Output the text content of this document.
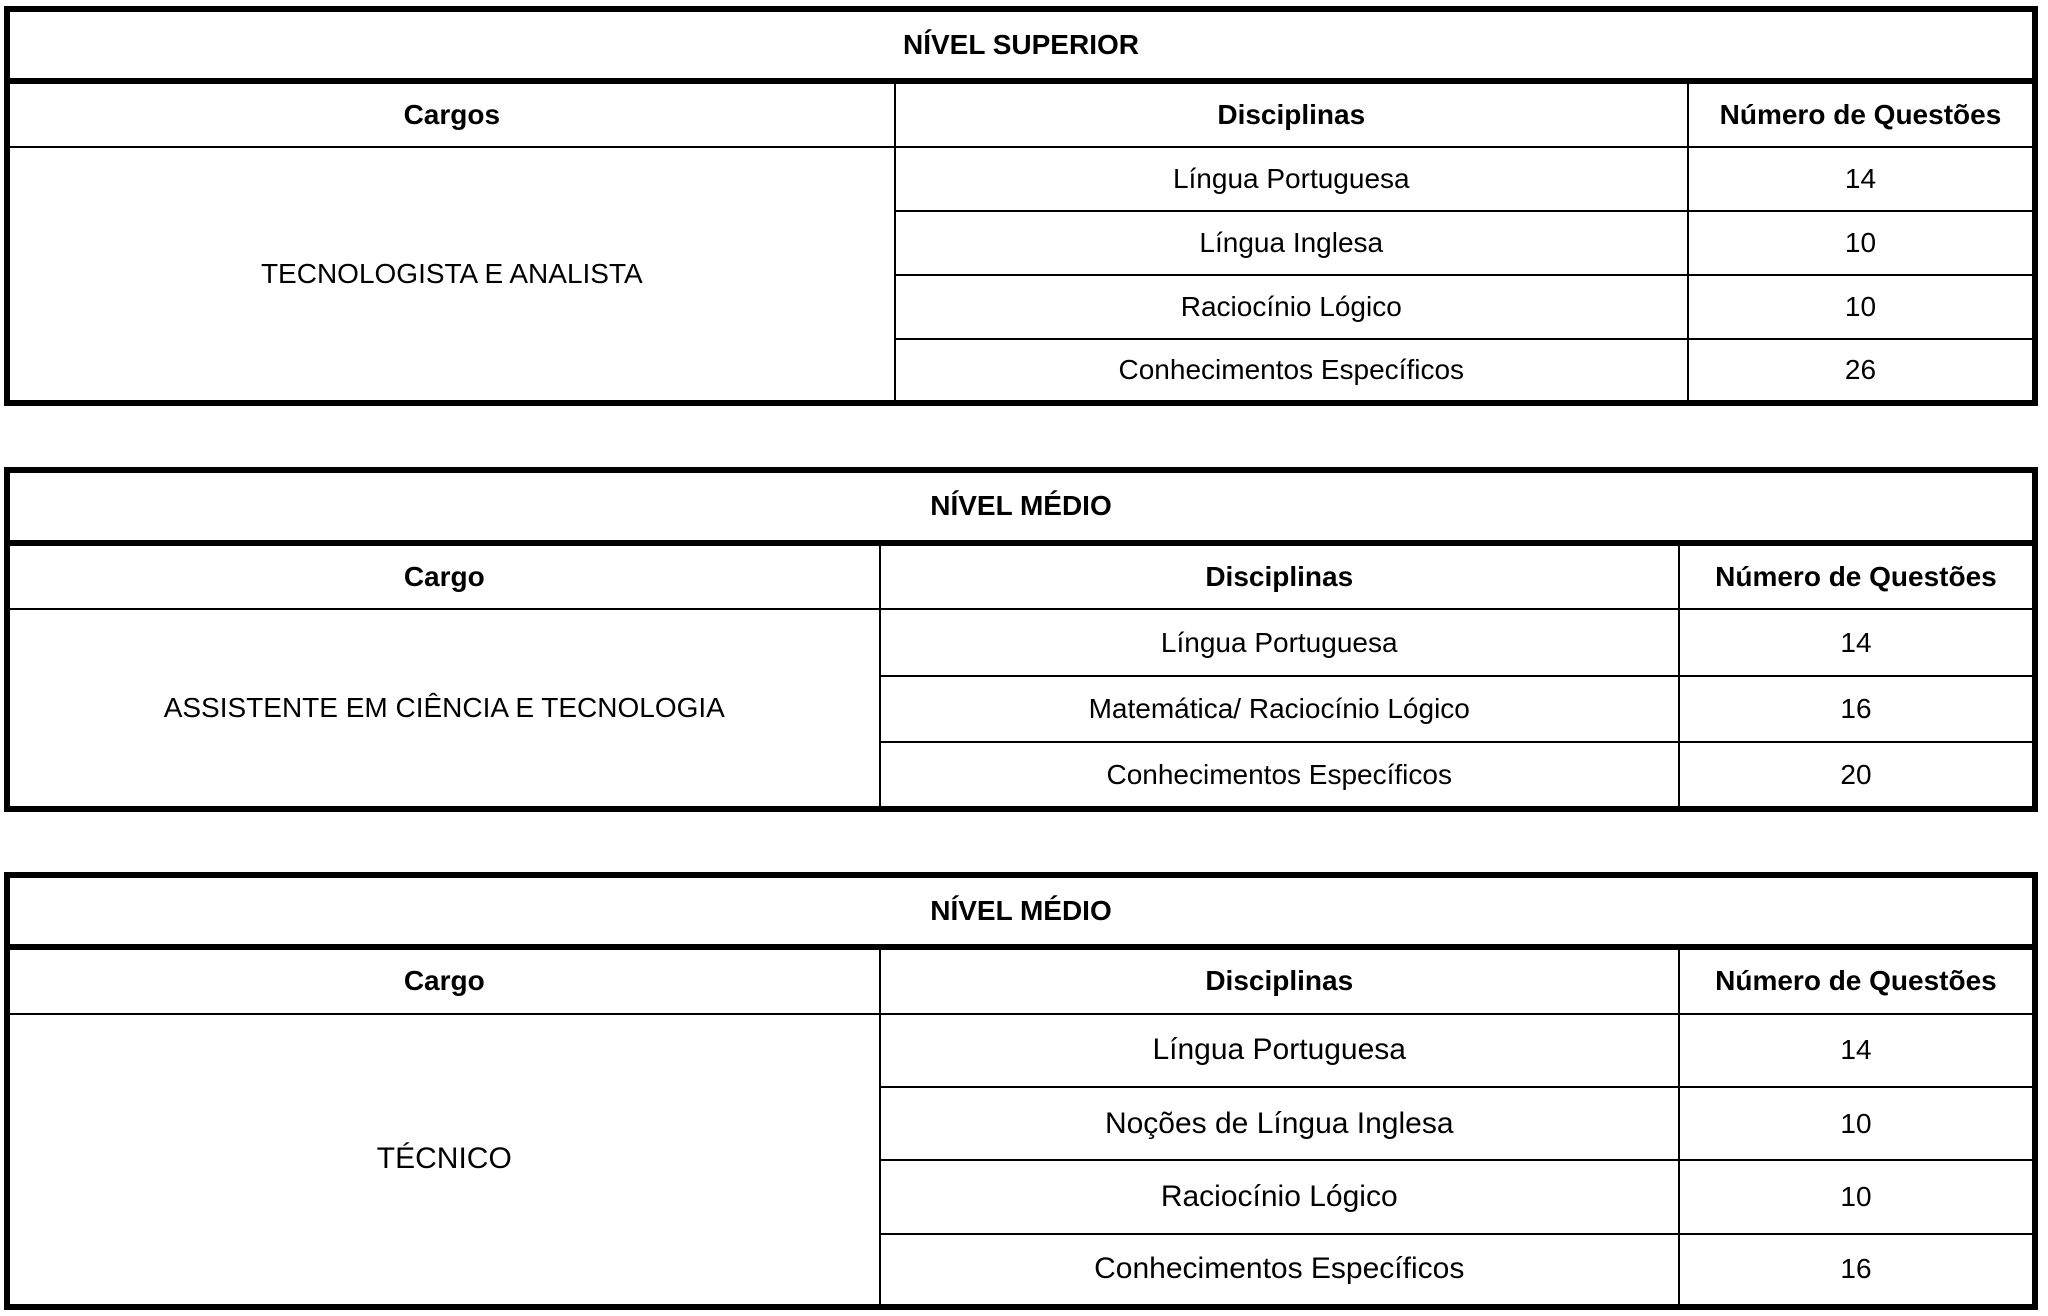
NÍVEL SUPERIOR		
Cargos	Disciplinas	Número de Questões
TECNOLOGISTA E ANALISTA	Língua Portuguesa	14
	Língua Inglesa	10
	Raciocínio Lógico	10
	Conhecimentos Específicos	26
NÍVEL MÉDIO		
Cargo	Disciplinas	Número de Questões
ASSISTENTE EM CIÊNCIA E TECNOLOGIA	Língua Portuguesa	14
	Matemática/ Raciocínio Lógico	16
	Conhecimentos Específicos	20
NÍVEL MÉDIO		
Cargo	Disciplinas	Número de Questões
TÉCNICO	Língua Portuguesa	14
	Noções de Língua Inglesa	10
	Raciocínio Lógico	10
	Conhecimentos Específicos	16
